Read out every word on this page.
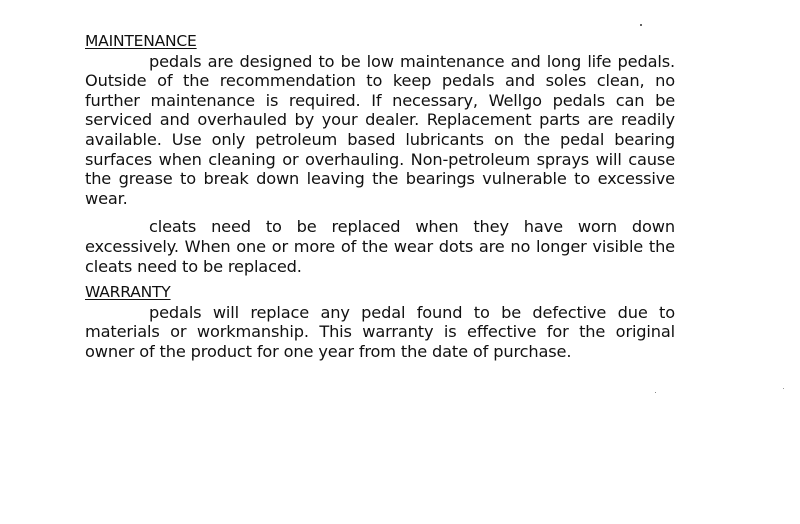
MAINTENANCE

pedals are designed to be low maintenance and long life pedals. Outside of the recommendation to keep pedals and soles clean, no further maintenance is required. If necessary, Wellgo pedals can be serviced and overhauled by your dealer. Replacement parts are readily available. Use only petroleum based lubricants on the pedal bearing surfaces when cleaning or overhauling. Non-petroleum sprays will cause the grease to break down leaving the bearings vulnerable to excessive wear.

cleats need to be replaced when they have worn down excessively. When one or more of the wear dots are no longer visible the cleats need to be replaced.

WARRANTY

pedals will replace any pedal found to be defective due to materials or workmanship. This warranty is effective for the original owner of the product for one year from the date of purchase.
